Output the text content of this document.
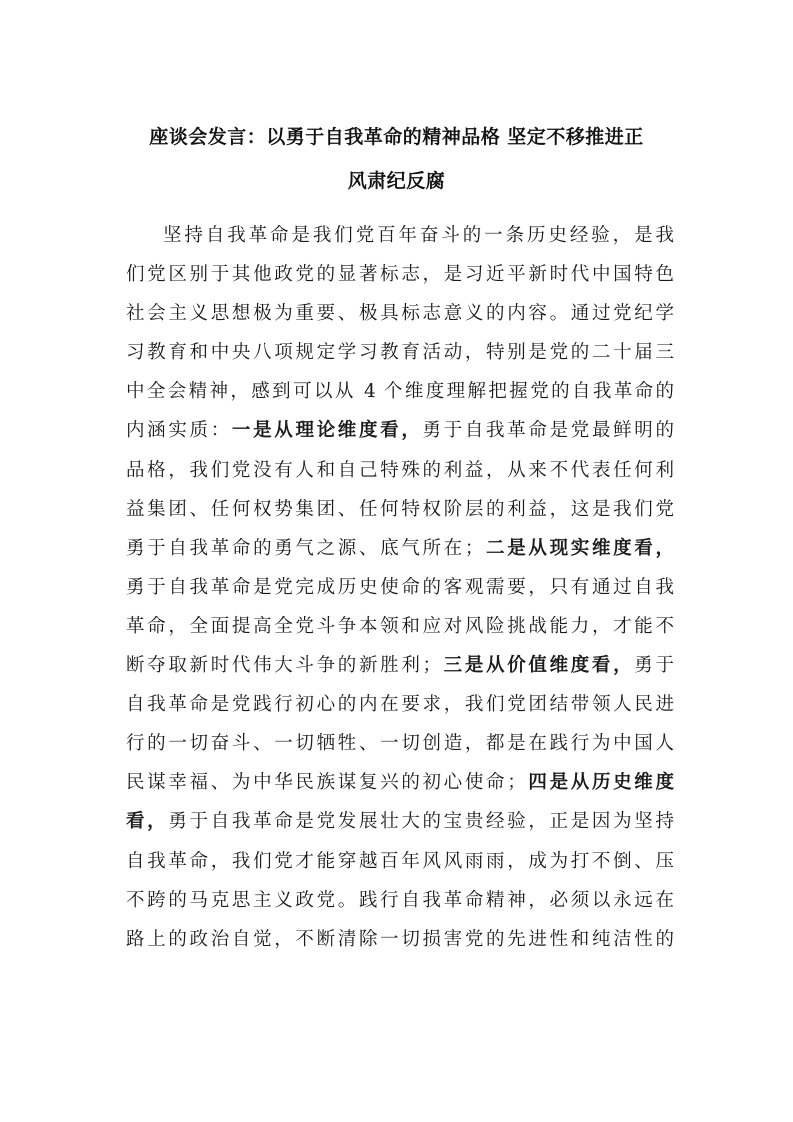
座谈会发言：以勇于自我革命的精神品格 坚定不移推进正
风肃纪反腐
坚持自我革命是我们党百年奋斗的一条历史经验，是我
们党区别于其他政党的显著标志，是习近平新时代中国特色
社会主义思想极为重要、极具标志意义的内容。通过党纪学
习教育和中央八项规定学习教育活动，特别是党的二十届三
中全会精神，感到可以从 4 个维度理解把握党的自我革命的
内涵实质：一是从理论维度看，勇于自我革命是党最鲜明的
品格，我们党没有人和自己特殊的利益，从来不代表任何利
益集团、任何权势集团、任何特权阶层的利益，这是我们党
勇于自我革命的勇气之源、底气所在；二是从现实维度看，
勇于自我革命是党完成历史使命的客观需要，只有通过自我
革命，全面提高全党斗争本领和应对风险挑战能力，才能不
断夺取新时代伟大斗争的新胜利；三是从价值维度看，勇于
自我革命是党践行初心的内在要求，我们党团结带领人民进
行的一切奋斗、一切牺牲、一切创造，都是在践行为中国人
民谋幸福、为中华民族谋复兴的初心使命；四是从历史维度
看，勇于自我革命是党发展壮大的宝贵经验，正是因为坚持
自我革命，我们党才能穿越百年风风雨雨，成为打不倒、压
不跨的马克思主义政党。践行自我革命精神，必须以永远在
路上的政治自觉，不断清除一切损害党的先进性和纯洁性的
